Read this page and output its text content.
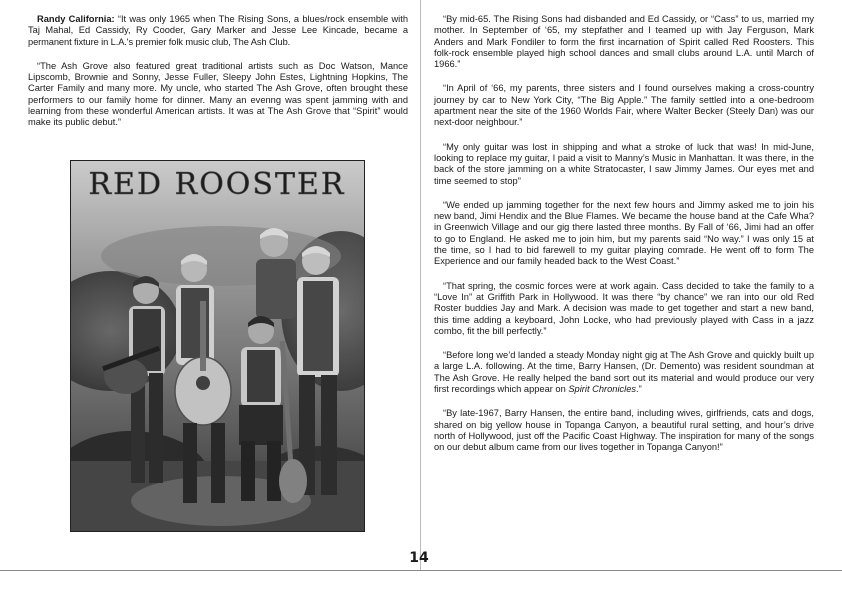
Randy California: “It was only 1965 when The Rising Sons, a blues/rock ensemble with Taj Mahal, Ed Cassidy, Ry Cooder, Gary Marker and Jesse Lee Kincade, became a permanent fixture in L.A.'s premier folk music club, The Ash Club.

“The Ash Grove also featured great traditional artists such as Doc Watson, Mance Lipscomb, Brownie and Sonny, Jesse Fuller, Sleepy John Estes, Lightning Hopkins, The Carter Family and many more. My uncle, who started The Ash Grove, often brought these performers to our family home for dinner. Many an evenng was spent jamming with and learning from these wonderful American artists. It was at The Ash Grove that “Spirit” would make its public debut.”

RED ROOSTER

“By mid-65. The Rising Sons had disbanded and Ed Cassidy, or “Cass” to us, married my mother. In September of ‘65, my stepfather and I teamed up with Jay Ferguson, Mark Anders and Mark Fondiler to form the first incarnation of Spirit called Red Roosters. This folk-rock ensemble played high school dances and small clubs around L.A. until March of 1966.”

“In April of ‘66, my parents, three sisters and I found ourselves making a cross-country journey by car to New York City, “The Big Apple.” The family settled into a one-bedroom apartment near the site of the 1960 Worlds Fair, where Walter Becker (Steely Dan) was our next-door neighbour.”

“My only guitar was lost in shipping and what a stroke of luck that was! In mid-June, looking to replace my guitar, I paid a visit to Manny’s Music in Manhattan. It was there, in the back of the store jamming on a white Stratocaster, I saw Jimmy James. Our eyes met and time seemed to stop”

“We ended up jamming together for the next few hours and Jimmy asked me to join his new band, Jimi Hendix and the Blue Flames. We became the house band at the Cafe Wha? in Greenwich Village and our gig there lasted three months. By Fall of ‘66, Jimi had an offer to go to England. He asked me to join him, but my parents said “No way.” I was only 15 at the time, so I had to bid farewell to my guitar playing comrade. He went off to form The Experience and our family headed back to the West Coast.”

“That spring, the cosmic forces were at work again. Cass decided to take the family to a “Love In” at Griffith Park in Hollywood. It was there “by chance” we ran into our old Red Roster buddies Jay and Mark. A decision was made to get together and start a new band, this time adding a keyboard, John Locke, who had previously played with Cass in a jazz combo, fit the bill perfectly.”

“Before long we’d landed a steady Monday night gig at The Ash Grove and quickly built up a large L.A. following. At the time, Barry Hansen, (Dr. Demento) was resident soundman at The Ash Grove. He really helped the band sort out its material and would produce our very first recordings which appear on Spirit Chronicles.”

“By late-1967, Barry Hansen, the entire band, including wives, girlfriends, cats and dogs, shared on big yellow house in Topanga Canyon, a beautiful rural setting, and hour’s drive north of Hollywood, just off the Pacific Coast Highway. The inspiration for many of the songs on our debut album came from our lives together in Topanga Canyon!”

14
